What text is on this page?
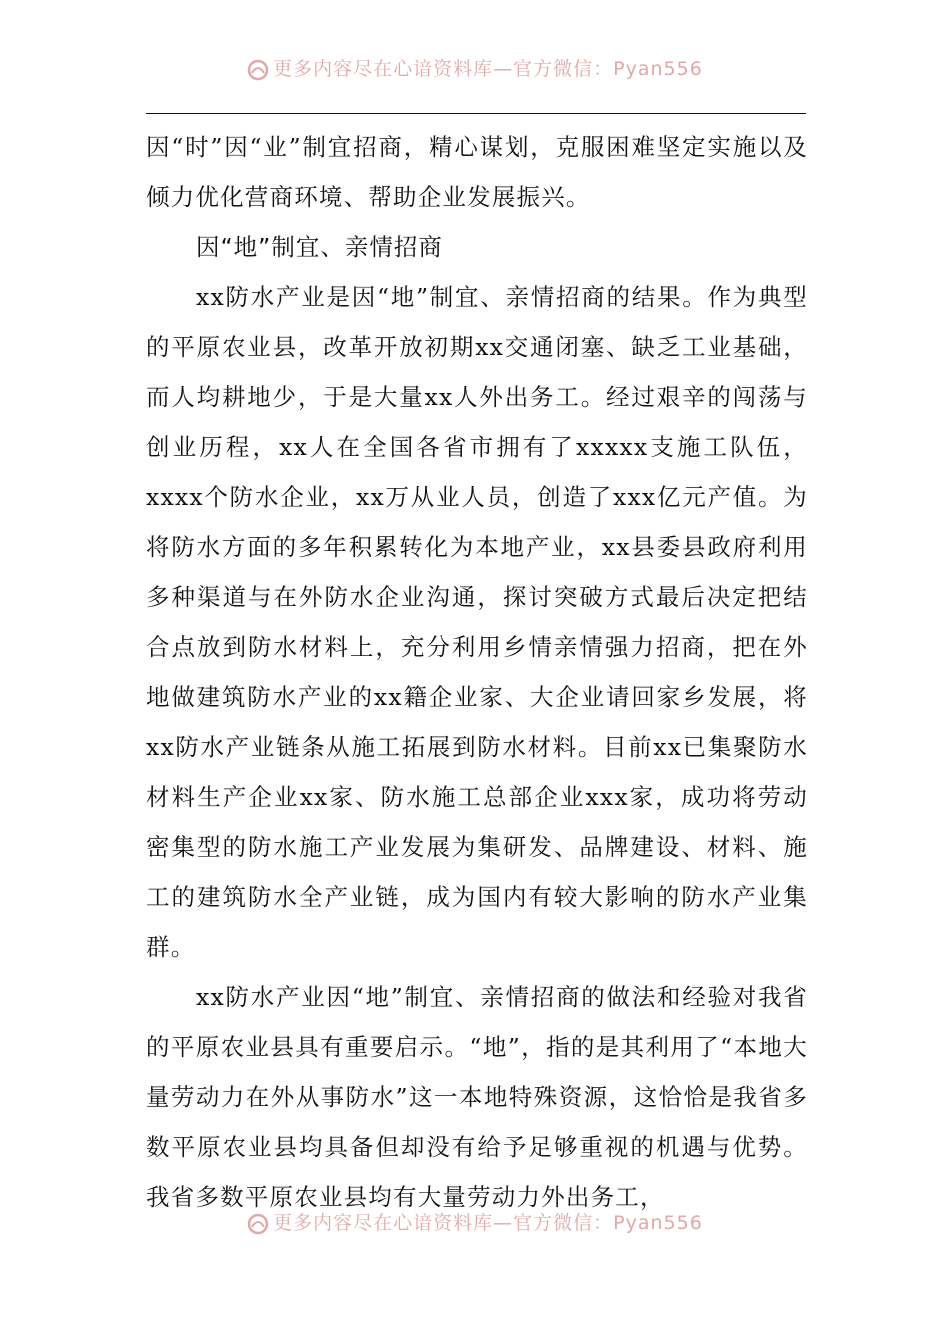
更多内容尽在心谙资料库—官方微信：Pyan556

因“时”因“业”制宜招商，精心谋划，克服困难坚定实施以及倾力优化营商环境、帮助企业发展振兴。

因“地”制宜、亲情招商

xx防水产业是因“地”制宜、亲情招商的结果。作为典型的平原农业县，改革开放初期xx交通闭塞、缺乏工业基础，而人均耕地少，于是大量xx人外出务工。经过艰辛的闯荡与创业历程，xx人在全国各省市拥有了xxxxx支施工队伍，xxxx个防水企业，xx万从业人员，创造了xxx亿元产值。为将防水方面的多年积累转化为本地产业，xx县委县政府利用多种渠道与在外防水企业沟通，探讨突破方式最后决定把结合点放到防水材料上，充分利用乡情亲情强力招商，把在外地做建筑防水产业的xx籍企业家、大企业请回家乡发展，将xx防水产业链条从施工拓展到防水材料。目前xx已集聚防水材料生产企业xx家、防水施工总部企业xxx家，成功将劳动密集型的防水施工产业发展为集研发、品牌建设、材料、施工的建筑防水全产业链，成为国内有较大影响的防水产业集群。

xx防水产业因“地”制宜、亲情招商的做法和经验对我省的平原农业县具有重要启示。“地”，指的是其利用了“本地大量劳动力在外从事防水”这一本地特殊资源，这恰恰是我省多数平原农业县均具备但却没有给予足够重视的机遇与优势。我省多数平原农业县均有大量劳动力外出务工，

更多内容尽在心谙资料库—官方微信：Pyan556
